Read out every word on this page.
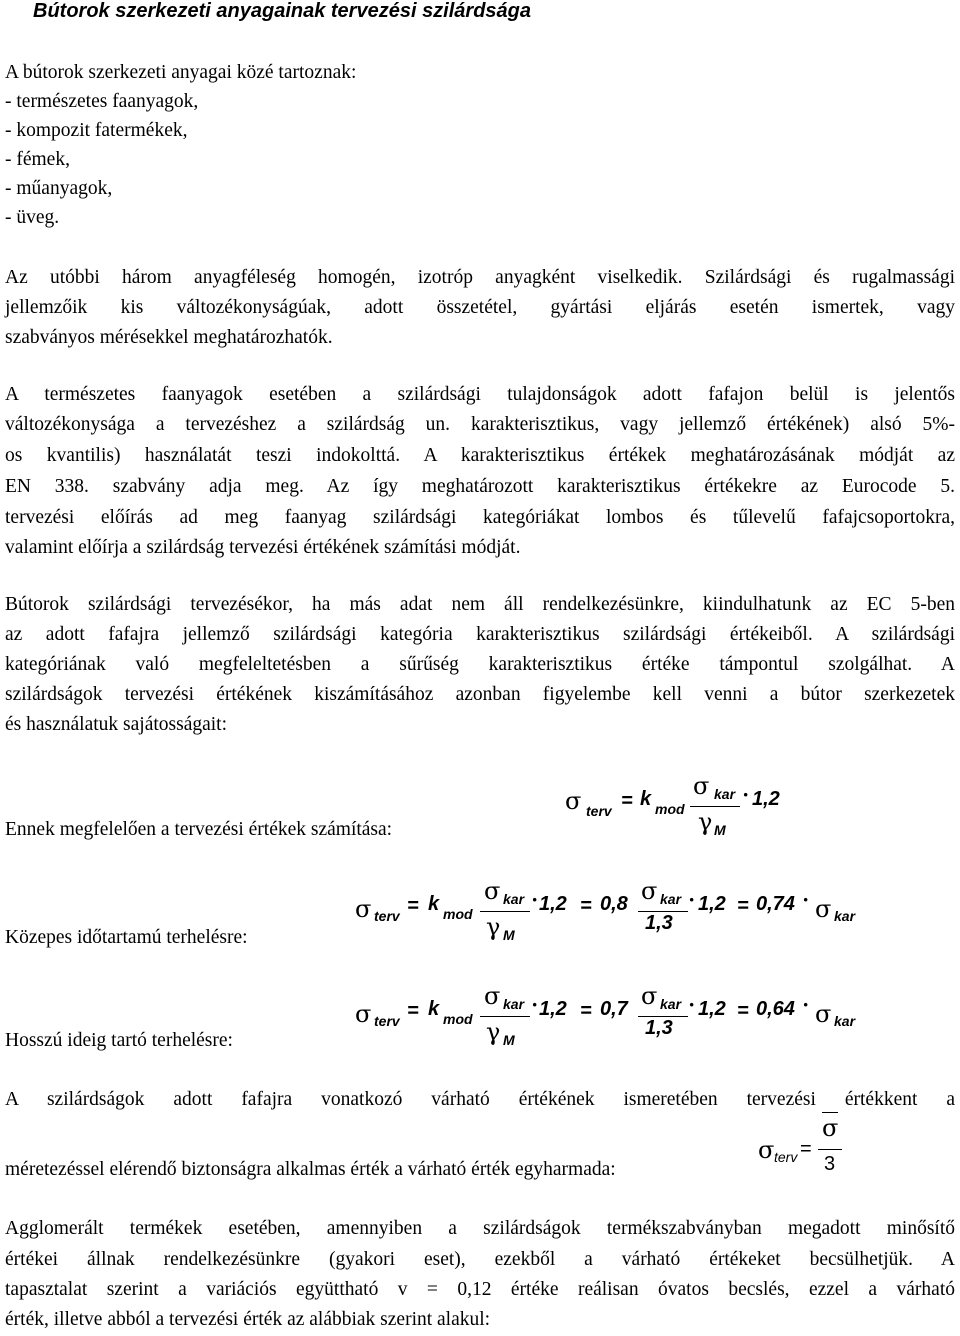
Bútorok szerkezeti anyagainak tervezési szilárdsága
A bútorok szerkezeti anyagai közé tartoznak:
- természetes faanyagok,
- kompozit fatermékek,
- fémek,
- műanyagok,
- üveg.
Az utóbbi három anyagféleség homogén, izotróp anyagként viselkedik. Szilárdsági és rugalmassági
jellemzőik kis változékonyságúak, adott összetétel, gyártási eljárás esetén ismertek, vagy
szabványos mérésekkel meghatározhatók.
A természetes faanyagok esetében a szilárdsági tulajdonságok adott fafajon belül is jelentős
változékonysága a tervezéshez a szilárdság un. karakterisztikus, vagy jellemző értékének) alsó 5%-
os kvantilis) használatát teszi indokolttá. A karakterisztikus értékek meghatározásának módját az
EN 338. szabvány adja meg. Az így meghatározott karakterisztikus értékekre az Eurocode 5.
tervezési előírás ad meg faanyag szilárdsági kategóriákat lombos és tűlevelű fafajcsoportokra,
valamint előírja a szilárdság tervezési értékének számítási módját.
Bútorok szilárdsági tervezésékor, ha más adat nem áll rendelkezésünkre, kiindulhatunk az EC 5-ben
az adott fafajra jellemző szilárdsági kategória karakterisztikus szilárdsági értékeiből. A szilárdsági
kategóriának való megfeleltetésben a sűrűség karakterisztikus értéke támpontul szolgálhat. A
szilárdságok tervezési értékének kiszámításához azonban figyelembe kell venni a bútor szerkezetek
és használatuk sajátosságait:
Ennek megfelelően a tervezési értékek számítása:
σ terv = k mod
σ kar
γ M
· 1,2
Közepes időtartamú terhelésre:
σ terv = k mod
σ kar
γ M
· 1,2 = 0,8 σ kar
1,3
· 1,2 = 0,74 · σ kar
Hosszú ideig tartó terhelésre:
σ terv = k mod
σ kar
γ M
· 1,2 = 0,7 σ kar
1,3
· 1,2 = 0,64 · σ kar
A szilárdságok adott fafajra vonatkozó várható értékének ismeretében tervezési értékkent a
méretezéssel elérendő biztonságra alkalmas érték a várható érték egyharmada:
σ terv =
σ
3
Agglomerált termékek esetében, amennyiben a szilárdságok termékszabványban megadott minősítő
értékei állnak rendelkezésünkre (gyakori eset), ezekből a várható értékeket becsülhetjük. A
tapasztalat szerint a variációs együttható v = 0,12 értéke reálisan óvatos becslés, ezzel a várható
érték, illetve abból a tervezési érték az alábbiak szerint alakul:
